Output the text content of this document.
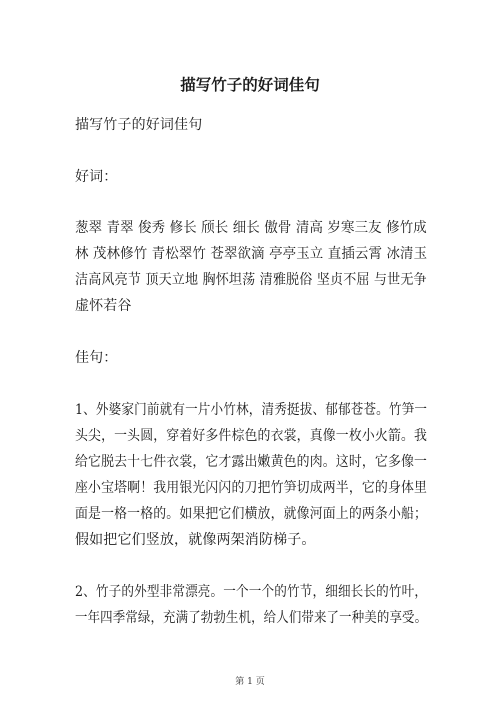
描写竹子的好词佳句
描写竹子的好词佳句
好词：
葱翠 青翠 俊秀 修长 颀长 细长 傲骨 清高 岁寒三友 修竹成
林 茂林修竹 青松翠竹 苍翠欲滴 亭亭玉立 直插云霄 冰清玉
洁高风亮节 顶天立地 胸怀坦荡 清雅脱俗 坚贞不屈 与世无争
虚怀若谷
佳句：
1、外婆家门前就有一片小竹林，清秀挺拔、郁郁苍苍。竹笋一
头尖，一头圆，穿着好多件棕色的衣裳，真像一枚小火箭。我
给它脱去十七件衣裳，它才露出嫩黄色的肉。这时，它多像一
座小宝塔啊！我用银光闪闪的刀把竹笋切成两半，它的身体里
面是一格一格的。如果把它们横放，就像河面上的两条小船；
假如把它们竖放，就像两架消防梯子。
2、竹子的外型非常漂亮。一个一个的竹节，细细长长的竹叶，
一年四季常绿，充满了勃勃生机，给人们带来了一种美的享受。
第 1 页
